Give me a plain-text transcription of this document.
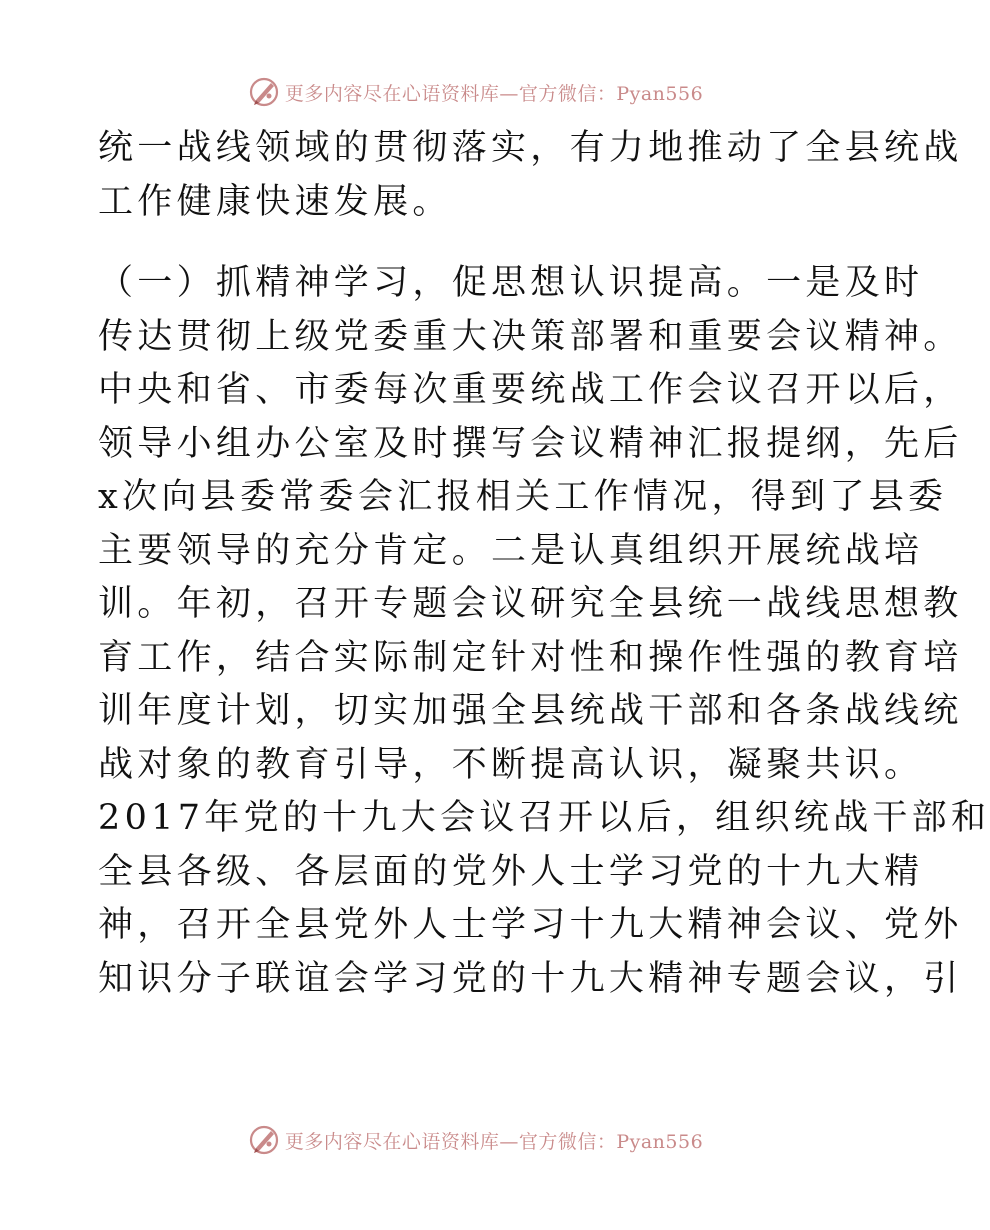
更多内容尽在心语资料库—官方微信：Pyan556
统一战线领域的贯彻落实，有力地推动了全县统战
工作健康快速发展。
（一）抓精神学习，促思想认识提高。一是及时
传达贯彻上级党委重大决策部署和重要会议精神。
中央和省、市委每次重要统战工作会议召开以后，
领导小组办公室及时撰写会议精神汇报提纲，先后
x次向县委常委会汇报相关工作情况，得到了县委
主要领导的充分肯定。二是认真组织开展统战培
训。年初，召开专题会议研究全县统一战线思想教
育工作，结合实际制定针对性和操作性强的教育培
训年度计划，切实加强全县统战干部和各条战线统
战对象的教育引导，不断提高认识，凝聚共识。
2017年党的十九大会议召开以后，组织统战干部和
全县各级、各层面的党外人士学习党的十九大精
神，召开全县党外人士学习十九大精神会议、党外
知识分子联谊会学习党的十九大精神专题会议，引
更多内容尽在心语资料库—官方微信：Pyan556
